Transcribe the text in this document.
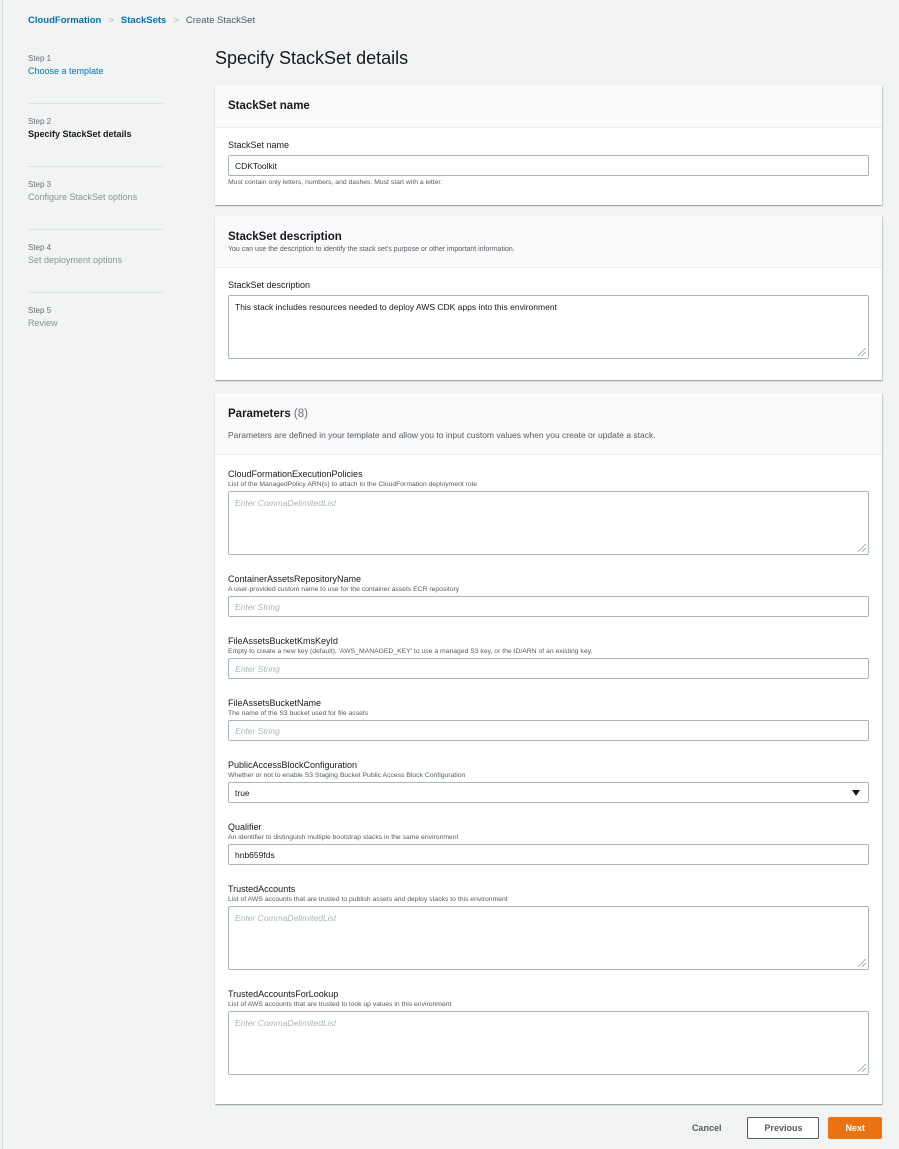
CloudFormation > StackSets > Create StackSet
Step 1
Choose a template
Step 2
Specify StackSet details
Step 3
Configure StackSet options
Step 4
Set deployment options
Step 5
Review
Specify StackSet details
StackSet name
StackSet name
CDKToolkit
Must contain only letters, numbers, and dashes. Must start with a letter.
StackSet description
You can use the description to identify the stack set's purpose or other important information.
StackSet description
This stack includes resources needed to deploy AWS CDK apps into this environment
Parameters (8)
Parameters are defined in your template and allow you to input custom values when you create or update a stack.
CloudFormationExecutionPolicies
List of the ManagedPolicy ARN(s) to attach to the CloudFormation deployment role
Enter CommaDelimitedList
ContainerAssetsRepositoryName
A user-provided custom name to use for the container assets ECR repository
Enter String
FileAssetsBucketKmsKeyId
Empty to create a new key (default), 'AWS_MANAGED_KEY' to use a managed S3 key, or the ID/ARN of an existing key.
Enter String
FileAssetsBucketName
The name of the S3 bucket used for file assets
Enter String
PublicAccessBlockConfiguration
Whether or not to enable S3 Staging Bucket Public Access Block Configuration
true
Qualifier
An identifier to distinguish multiple bootstrap stacks in the same environment
hnb659fds
TrustedAccounts
List of AWS accounts that are trusted to publish assets and deploy stacks to this environment
Enter CommaDelimitedList
TrustedAccountsForLookup
List of AWS accounts that are trusted to look up values in this environment
Enter CommaDelimitedList
Cancel	Previous	Next
